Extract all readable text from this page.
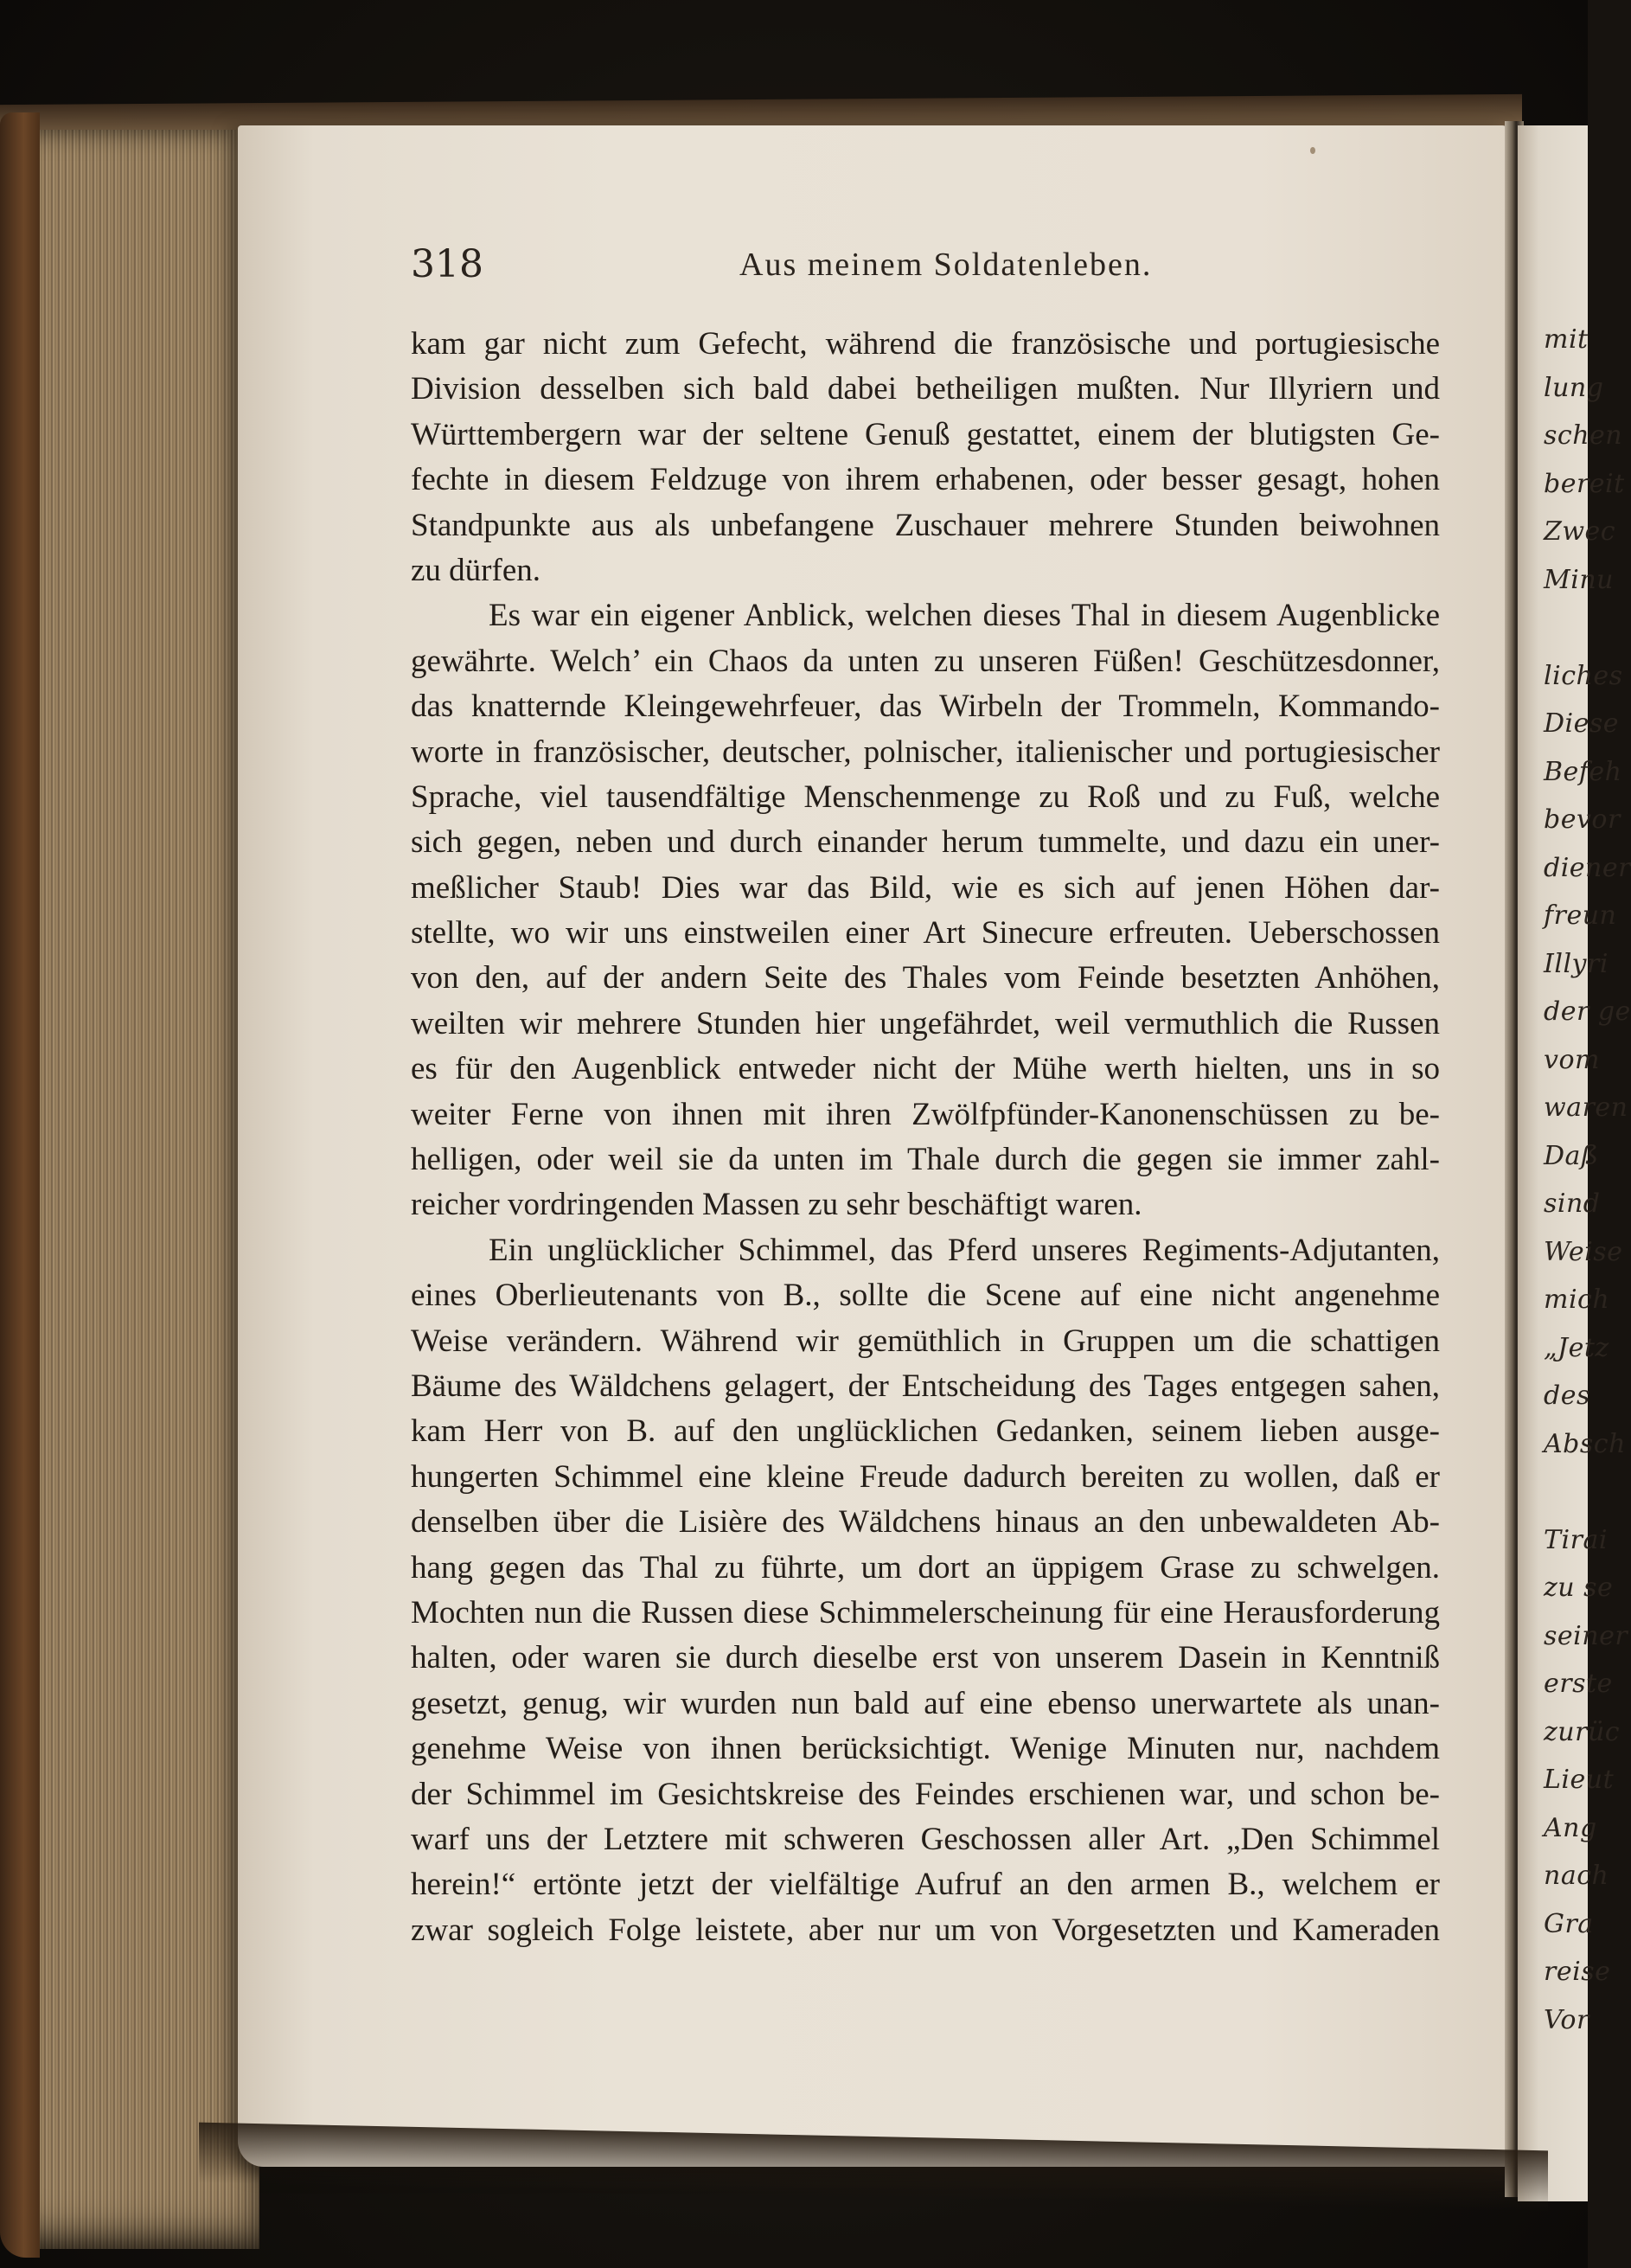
318	Aus meinem Soldatenleben.
kam gar nicht zum Gefecht, während die französische und portugiesische
Division desselben sich bald dabei betheiligen mußten. Nur Illyriern und
Württembergern war der seltene Genuß gestattet, einem der blutigsten Ge-
fechte in diesem Feldzuge von ihrem erhabenen, oder besser gesagt, hohen
Standpunkte aus als unbefangene Zuschauer mehrere Stunden beiwohnen
zu dürfen.
Es war ein eigener Anblick, welchen dieses Thal in diesem Augenblicke
gewährte. Welch’ ein Chaos da unten zu unseren Füßen! Geschützesdonner,
das knatternde Kleingewehrfeuer, das Wirbeln der Trommeln, Kommando-
worte in französischer, deutscher, polnischer, italienischer und portugiesischer
Sprache, viel tausendfältige Menschenmenge zu Roß und zu Fuß, welche
sich gegen, neben und durch einander herum tummelte, und dazu ein uner-
meßlicher Staub! Dies war das Bild, wie es sich auf jenen Höhen dar-
stellte, wo wir uns einstweilen einer Art Sinecure erfreuten. Ueberschossen
von den, auf der andern Seite des Thales vom Feinde besetzten Anhöhen,
weilten wir mehrere Stunden hier ungefährdet, weil vermuthlich die Russen
es für den Augenblick entweder nicht der Mühe werth hielten, uns in so
weiter Ferne von ihnen mit ihren Zwölfpfünder-Kanonenschüssen zu be-
helligen, oder weil sie da unten im Thale durch die gegen sie immer zahl-
reicher vordringenden Massen zu sehr beschäftigt waren.
Ein unglücklicher Schimmel, das Pferd unseres Regiments-Adjutanten,
eines Oberlieutenants von B., sollte die Scene auf eine nicht angenehme
Weise verändern. Während wir gemüthlich in Gruppen um die schattigen
Bäume des Wäldchens gelagert, der Entscheidung des Tages entgegen sahen,
kam Herr von B. auf den unglücklichen Gedanken, seinem lieben ausge-
hungerten Schimmel eine kleine Freude dadurch bereiten zu wollen, daß er
denselben über die Lisière des Wäldchens hinaus an den unbewaldeten Ab-
hang gegen das Thal zu führte, um dort an üppigem Grase zu schwelgen.
Mochten nun die Russen diese Schimmelerscheinung für eine Herausforderung
halten, oder waren sie durch dieselbe erst von unserem Dasein in Kenntniß
gesetzt, genug, wir wurden nun bald auf eine ebenso unerwartete als unan-
genehme Weise von ihnen berücksichtigt. Wenige Minuten nur, nachdem
der Schimmel im Gesichtskreise des Feindes erschienen war, und schon be-
warf uns der Letztere mit schweren Geschossen aller Art. „Den Schimmel
herein!“ ertönte jetzt der vielfältige Aufruf an den armen B., welchem er
zwar sogleich Folge leistete, aber nur um von Vorgesetzten und Kameraden
mit
lung
schen
bereit
Zwec
Minu
liches
Diese
Befeh
bevor
diener
freun
Illyri
der ge
vom
waren
Daß
sind
Weise
mich
„Jetz
des
Absch
Tirai
zu se
seiner
erste
zurüc
Lieut
Ang
nach
Gra
reise
Vor
